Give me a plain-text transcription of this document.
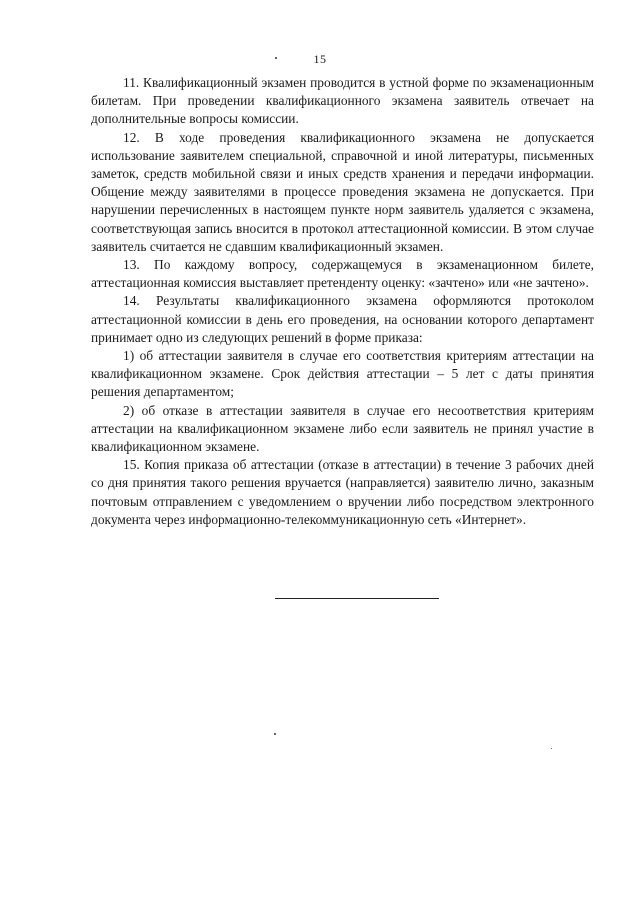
15

11. Квалификационный экзамен проводится в устной форме по экзаменационным билетам. При проведении квалификационного экзамена заявитель отвечает на дополнительные вопросы комиссии.

12. В ходе проведения квалификационного экзамена не допускается использование заявителем специальной, справочной и иной литературы, письменных заметок, средств мобильной связи и иных средств хранения и передачи информации. Общение между заявителями в процессе проведения экзамена не допускается. При нарушении перечисленных в настоящем пункте норм заявитель удаляется с экзамена, соответствующая запись вносится в протокол аттестационной комиссии. В этом случае заявитель считается не сдавшим квалификационный экзамен.

13. По каждому вопросу, содержащемуся в экзаменационном билете, аттестационная комиссия выставляет претенденту оценку: «зачтено» или «не зачтено».

14. Результаты квалификационного экзамена оформляются протоколом аттестационной комиссии в день его проведения, на основании которого департамент принимает одно из следующих решений в форме приказа:

1) об аттестации заявителя в случае его соответствия критериям аттестации на квалификационном экзамене. Срок действия аттестации – 5 лет с даты принятия решения департаментом;

2) об отказе в аттестации заявителя в случае его несоответствия критериям аттестации на квалификационном экзамене либо если заявитель не принял участие в квалификационном экзамене.

15. Копия приказа об аттестации (отказе в аттестации) в течение 3 рабочих дней со дня принятия такого решения вручается (направляется) заявителю лично, заказным почтовым отправлением с уведомлением о вручении либо посредством электронного документа через информационно-телекоммуникационную сеть «Интернет».
